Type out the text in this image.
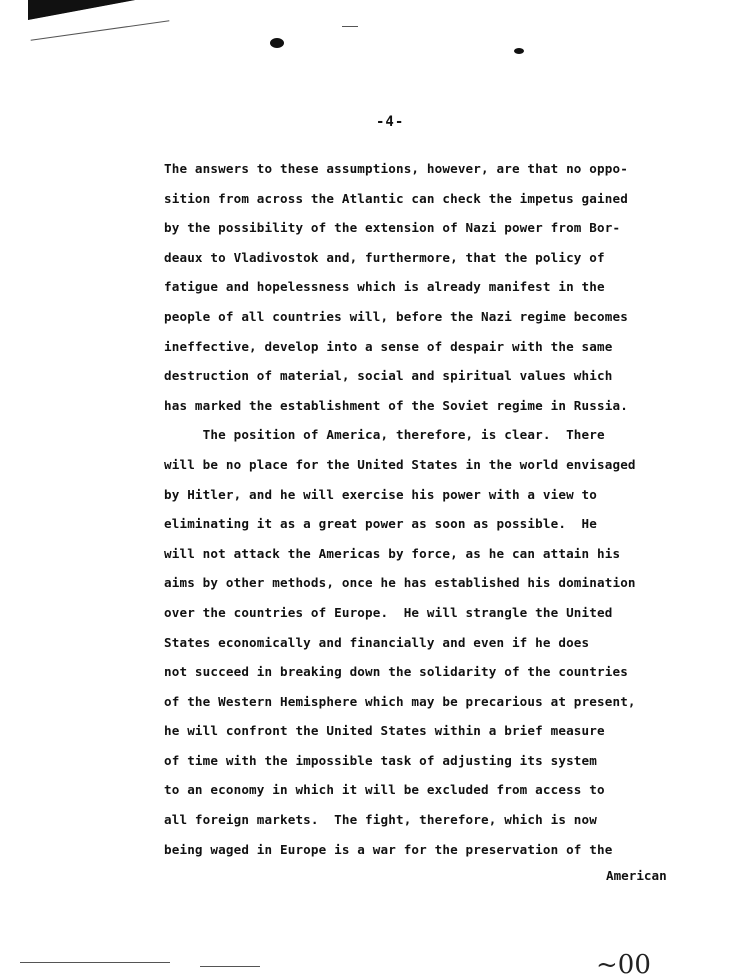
-4-
The answers to these assumptions, however, are that no oppo-
sition from across the Atlantic can check the impetus gained
by the possibility of the extension of Nazi power from Bor-
deaux to Vladivostok and, furthermore, that the policy of
fatigue and hopelessness which is already manifest in the
people of all countries will, before the Nazi regime becomes
ineffective, develop into a sense of despair with the same
destruction of material, social and spiritual values which
has marked the establishment of the Soviet regime in Russia.
The position of America, therefore, is clear.  There
will be no place for the United States in the world envisaged
by Hitler, and he will exercise his power with a view to
eliminating it as a great power as soon as possible.  He
will not attack the Americas by force, as he can attain his
aims by other methods, once he has established his domination
over the countries of Europe.  He will strangle the United
States economically and financially and even if he does
not succeed in breaking down the solidarity of the countries
of the Western Hemisphere which may be precarious at present,
he will confront the United States within a brief measure
of time with the impossible task of adjusting its system
to an economy in which it will be excluded from access to
all foreign markets.  The fight, therefore, which is now
being waged in Europe is a war for the preservation of the
American
~00
